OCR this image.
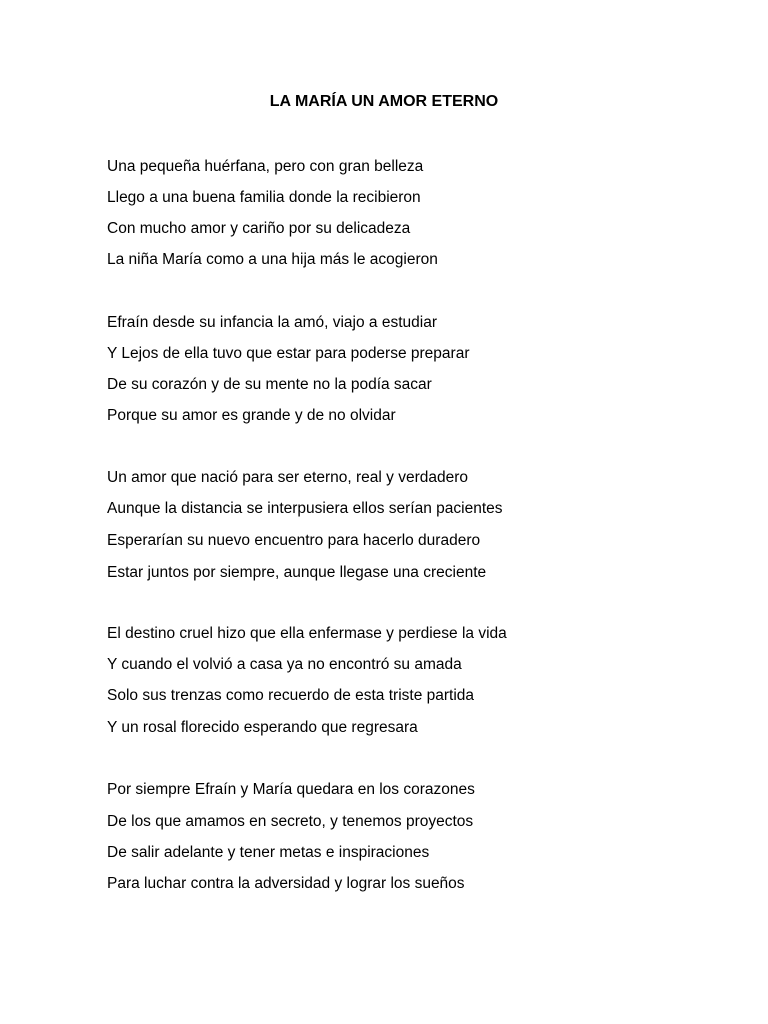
LA MARÍA UN AMOR ETERNO
Una pequeña huérfana, pero con gran belleza
Llego a una buena familia donde la recibieron
Con mucho amor y cariño por su delicadeza
La niña María como a una hija más le acogieron
Efraín desde su infancia la amó, viajo a estudiar
Y Lejos de ella tuvo que estar para poderse preparar
De su corazón y de su mente no la podía sacar
Porque su amor es grande y de no olvidar
Un amor que nació para ser eterno, real y verdadero
Aunque la distancia se interpusiera ellos serían pacientes
Esperarían su nuevo encuentro para hacerlo duradero
Estar juntos por siempre, aunque llegase una creciente
El destino cruel hizo que ella enfermase y perdiese la vida
Y cuando el volvió a casa ya no encontró su amada
Solo sus trenzas como recuerdo de esta triste partida
Y un rosal florecido esperando que regresara
Por siempre Efraín y María quedara en los corazones
De los que amamos en secreto, y tenemos proyectos
De salir adelante y tener metas e inspiraciones
Para luchar contra la adversidad y lograr los sueños
